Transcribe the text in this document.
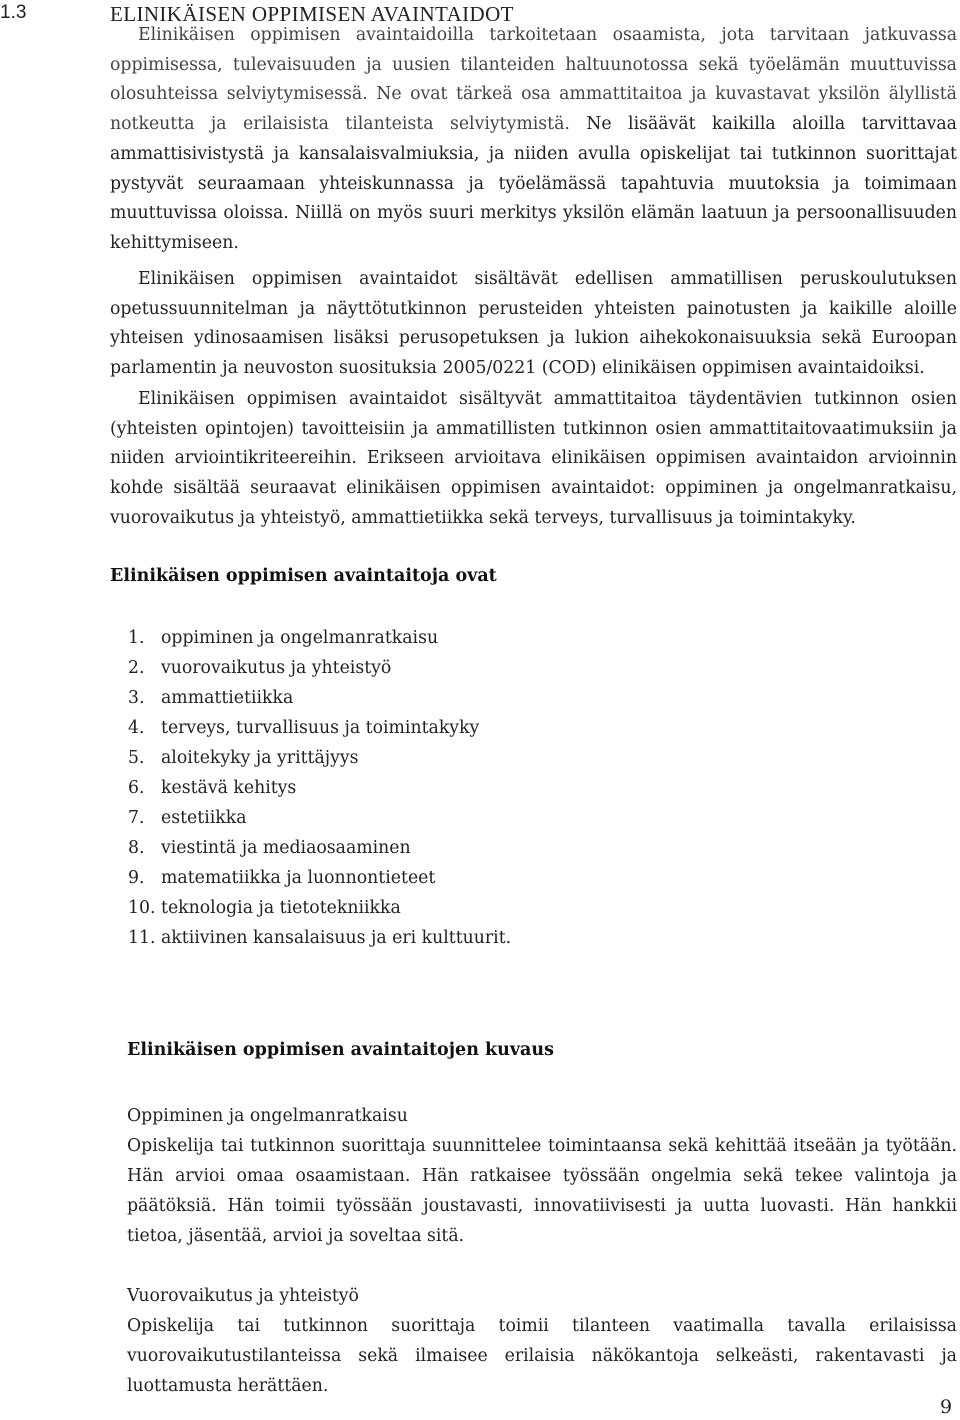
1.3	ELINIKÄISEN OPPIMISEN AVAINTAIDOT

Elinikäisen oppimisen avaintaidoilla tarkoitetaan osaamista, jota tarvitaan jatkuvassa oppimisessa, tulevaisuuden ja uusien tilanteiden haltuunotossa sekä työelämän muuttuvissa olosuhteissa selviytymisessä. Ne ovat tärkeä osa ammattitaitoa ja kuvastavat yksilön älyllistä notkeutta ja erilaisista tilanteista selviytymistä. Ne lisäävät kaikilla aloilla tarvittavaa ammattisivistystä ja kansalaisvalmiuksia, ja niiden avulla opiskelijat tai tutkinnon suorittajat pystyvät seuraamaan yhteiskunnassa ja työelämässä tapahtuvia muutoksia ja toimimaan muuttuvissa oloissa. Niillä on myös suuri merkitys yksilön elämän laatuun ja persoonallisuuden kehittymiseen.

Elinikäisen oppimisen avaintaidot sisältävät edellisen ammatillisen peruskoulutuksen opetussuunnitelman ja näyttötutkinnon perusteiden yhteisten painotusten ja kaikille aloille yhteisen ydinosaamisen lisäksi perusopetuksen ja lukion aihekokonaisuuksia sekä Euroopan parlamentin ja neuvoston suosituksia 2005/0221 (COD) elinikäisen oppimisen avaintaidoiksi.

Elinikäisen oppimisen avaintaidot sisältyvät ammattitaitoa täydentävien tutkinnon osien (yhteisten opintojen) tavoitteisiin ja ammatillisten tutkinnon osien ammattitaitovaatimuksiin ja niiden arviointikriteereihin. Erikseen arvioitava elinikäisen oppimisen avaintaidon arvioinnin kohde sisältää seuraavat elinikäisen oppimisen avaintaidot: oppiminen ja ongelmanratkaisu, vuorovaikutus ja yhteistyö, ammattietiikka sekä terveys, turvallisuus ja toimintakyky.

Elinikäisen oppimisen avaintaitoja ovat
1. oppiminen ja ongelmanratkaisu
2. vuorovaikutus ja yhteistyö
3. ammattietiikka
4. terveys, turvallisuus ja toimintakyky
5. aloitekyky ja yrittäjyys
6. kestävä kehitys
7. estetiikka
8. viestintä ja mediaosaaminen
9. matematiikka ja luonnontieteet
10. teknologia ja tietotekniikka
11. aktiivinen kansalaisuus ja eri kulttuurit.
Elinikäisen oppimisen avaintaitojen kuvaus
Oppiminen ja ongelmanratkaisu

Opiskelija tai tutkinnon suorittaja suunnittelee toimintaansa sekä kehittää itseään ja työtään. Hän arvioi omaa osaamistaan. Hän ratkaisee työssään ongelmia sekä tekee valintoja ja päätöksiä. Hän toimii työssään joustavasti, innovatiivisesti ja uutta luovasti. Hän hankkii tietoa, jäsentää, arvioi ja soveltaa sitä.

Vuorovaikutus ja yhteistyö

Opiskelija tai tutkinnon suorittaja toimii tilanteen vaatimalla tavalla erilaisissa vuorovaikutustilanteissa sekä ilmaisee erilaisia näkökantoja selkeästi, rakentavasti ja luottamusta herättäen.

9
